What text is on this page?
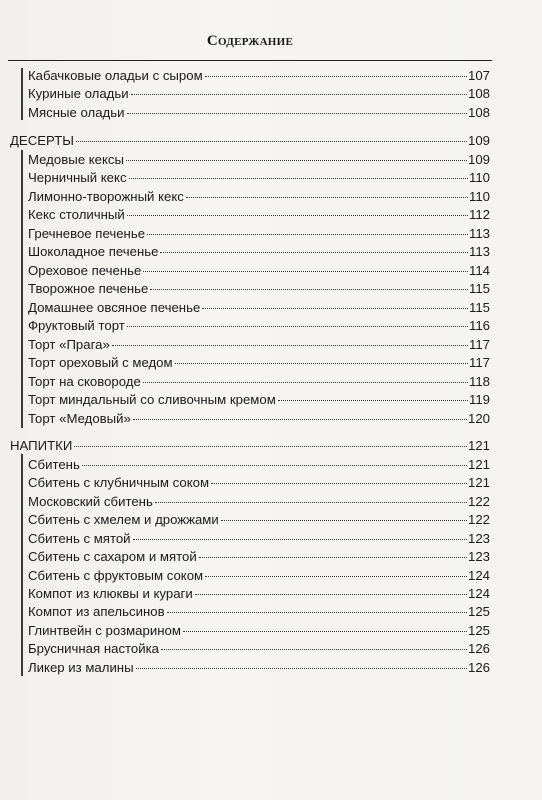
Содержание
Кабачковые оладьи с сыром	107
Куриные оладьи	108
Мясные оладьи	108
ДЕСЕРТЫ	109
Медовые кексы	109
Черничный кекс	110
Лимонно-творожный кекс	110
Кекс столичный	112
Гречневое печенье	113
Шоколадное печенье	113
Ореховое печенье	114
Творожное печенье	115
Домашнее овсяное печенье	115
Фруктовый торт	116
Торт «Прага»	117
Торт ореховый с медом	117
Торт на сковороде	118
Торт миндальный со сливочным кремом	119
Торт «Медовый»	120
НАПИТКИ	121
Сбитень	121
Сбитень с клубничным соком	121
Московский сбитень	122
Сбитень с хмелем и дрожжами	122
Сбитень с мятой	123
Сбитень с сахаром и мятой	123
Сбитень с фруктовым соком	124
Компот из клюквы и кураги	124
Компот из апельсинов	125
Глинтвейн с розмарином	125
Брусничная настойка	126
Ликер из малины	126
